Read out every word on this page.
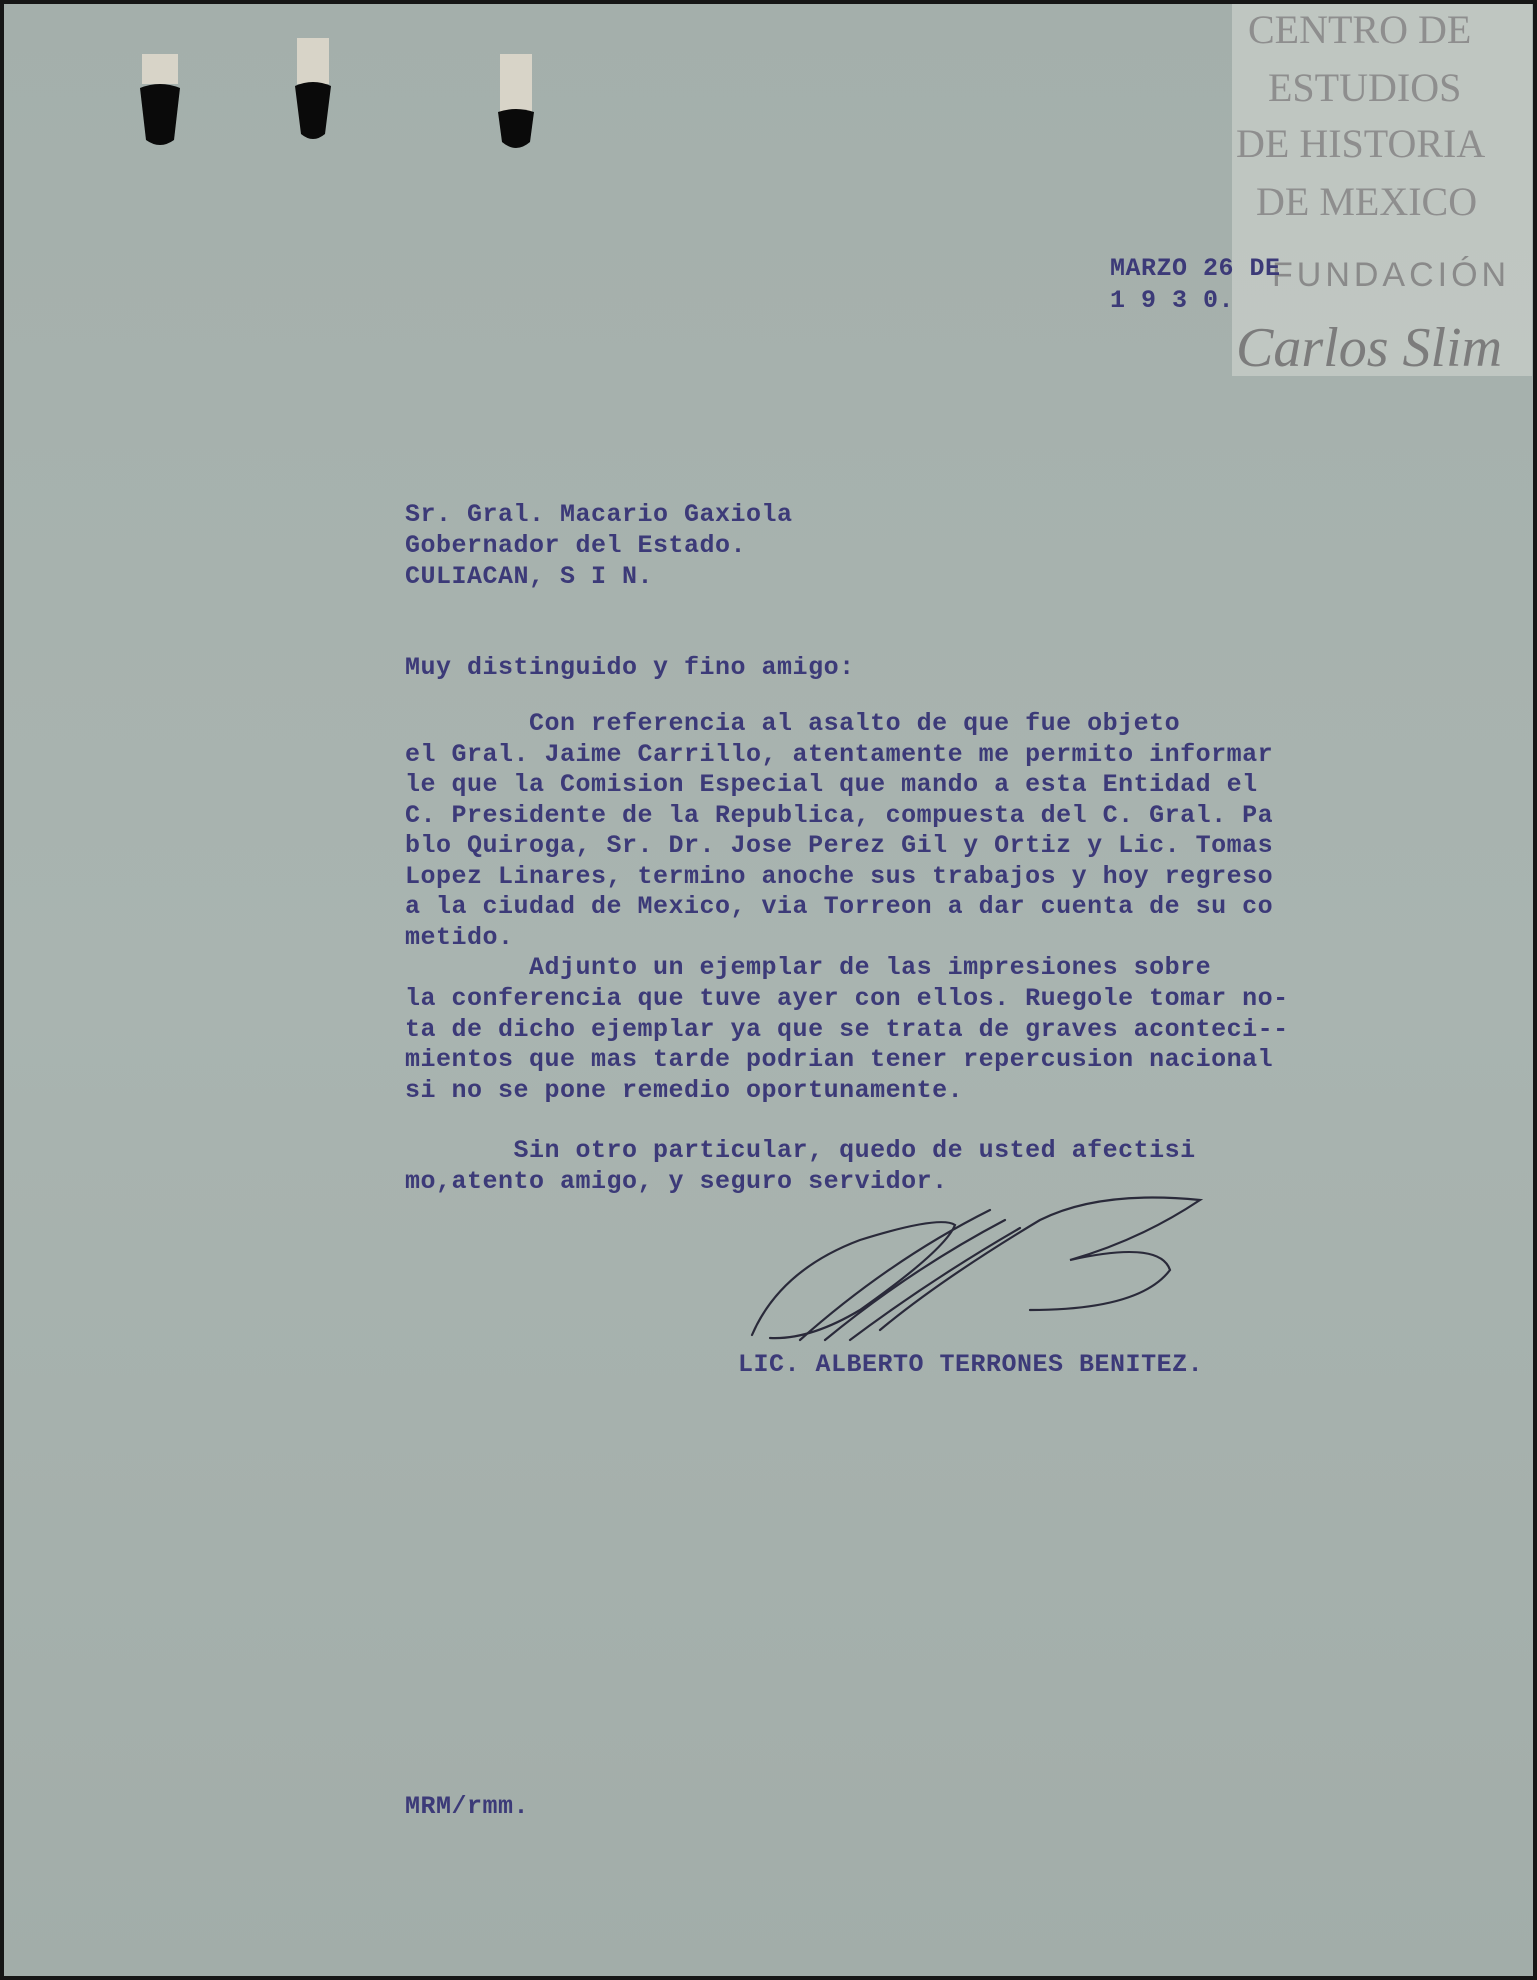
CENTRO DE
ESTUDIOS
DE HISTORIA
DE MEXICO
FUNDACIÓN
Carlos Slim
MARZO 26 DE
1 9 3 0.
Sr. Gral. Macario Gaxiola
Gobernador del Estado.
CULIACAN, S I N.
Muy distinguido y fino amigo:
Con referencia al asalto de que fue objeto
el Gral. Jaime Carrillo, atentamente me permito informar
le que la Comision Especial que mando a esta Entidad el
C. Presidente de la Republica, compuesta del C. Gral. Pa
blo Quiroga, Sr. Dr. Jose Perez Gil y Ortiz y Lic. Tomas
Lopez Linares, termino anoche sus trabajos y hoy regreso
a la ciudad de Mexico, via Torreon a dar cuenta de su co
metido.
Adjunto un ejemplar de las impresiones sobre
la conferencia que tuve ayer con ellos. Ruegole tomar no-
ta de dicho ejemplar ya que se trata de graves aconteci--
mientos que mas tarde podrian tener repercusion nacional
si no se pone remedio oportunamente.
Sin otro particular, quedo de usted afectisi
mo,atento amigo, y seguro servidor.
LIC. ALBERTO TERRONES BENITEZ.
MRM/rmm.
